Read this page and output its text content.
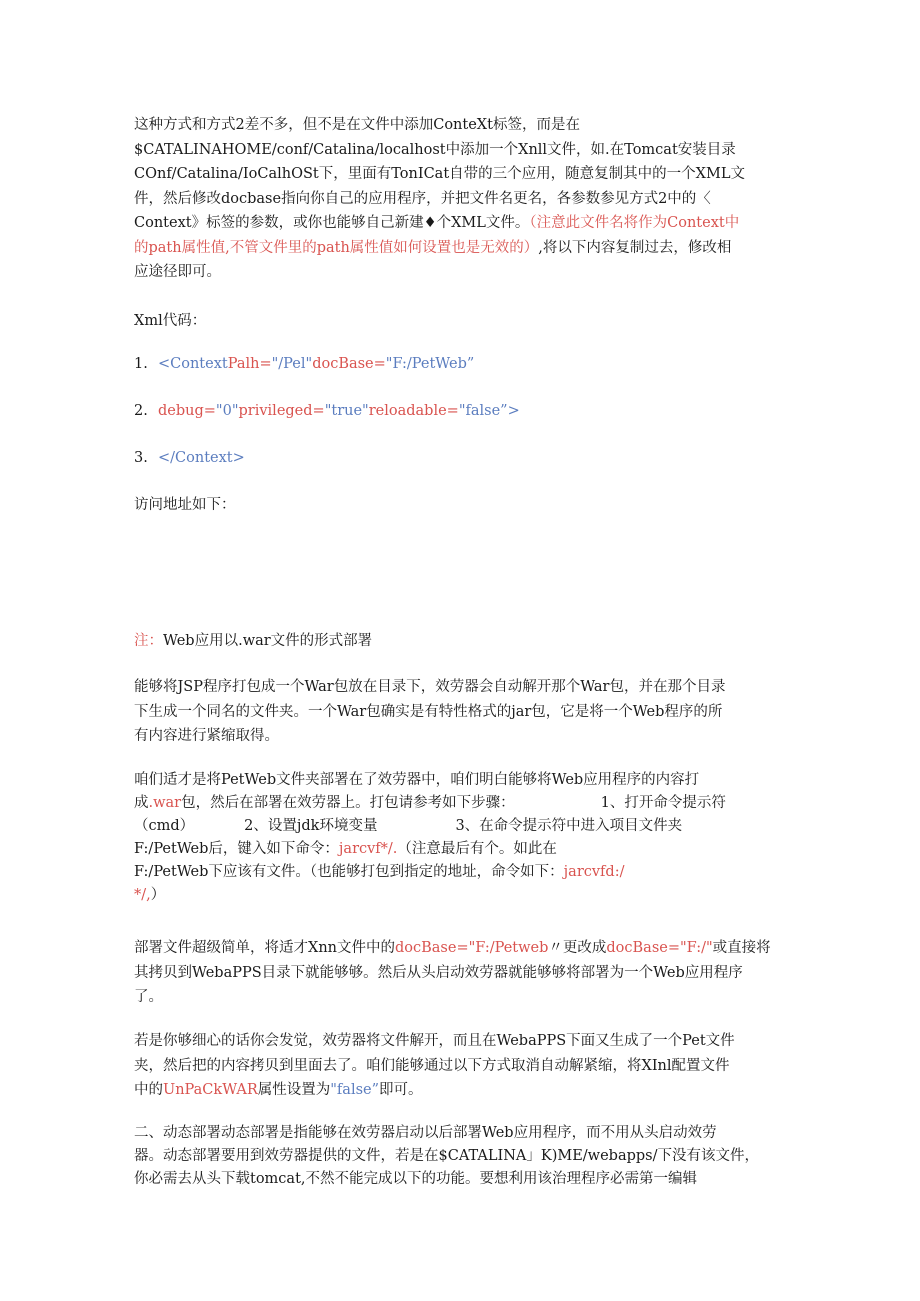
这种方式和方式2差不多，但不是在文件中添加ConteXt标签，而是在
$CATALINAHOME/conf/Catalina/localhost中添加一个Xnll文件，如.在Tomcat安装目录
COnf/Catalina/IoCalhOSt下，里面有TonICat自带的三个应用，随意复制其中的一个XML文
件，然后修改docbase指向你自己的应用程序，并把文件名更名，各参数参见方式2中的〈
Context》标签的参数，或你也能够自己新建♦个XML文件。（注意此文件名将作为Context中
的path属性值,不管文件里的path属性值如何设置也是无效的）,将以下内容复制过去，修改相
应途径即可。
Xml代码：
1. <ContextPalh="/Pel"docBase="F:/PetWeb”
2. debug="0"privileged="true"reloadable="false”>
3. </Context>
访问地址如下：
注：Web应用以.war文件的形式部署
能够将JSP程序打包成一个War包放在目录下，效劳器会自动解开那个War包，并在那个目录
下生成一个同名的文件夹。一个War包确实是有特性格式的jar包，它是将一个Web程序的所
有内容进行紧缩取得。
咱们适才是将PetWeb文件夹部署在了效劳器中，咱们明白能够将Web应用程序的内容打
成.war包，然后在部署在效劳器上。打包请参考如下步骤：	1、打开命令提示符
（cmd）	2、设置jdk环境变量	3、在命令提示符中进入项目文件夹
F:/PetWeb后，键入如下命令：jarcvf*/.（注意最后有个。如此在
F:/PetWeb下应该有文件。（也能够打包到指定的地址，命令如下：jarcvfd:/
*/,）
部署文件超级简单，将适才Xnn文件中的docBase="F:/Petweb〃更改成docBase="F:/"或直接将
其拷贝到WebaPPS目录下就能够够。然后从头启动效劳器就能够够将部署为一个Web应用程序
了。
若是你够细心的话你会发觉，效劳器将文件解开，而且在WebaPPS下面又生成了一个Pet文件
夹，然后把的内容拷贝到里面去了。咱们能够通过以下方式取消自动解紧缩，将XInl配置文件
中的UnPaCkWAR属性设置为"false”即可。
二、动态部署动态部署是指能够在效劳器启动以后部署Web应用程序，而不用从头启动效劳
器。动态部署要用到效劳器提供的文件，若是在$CATALINA」K)ME/webapps/下没有该文件，
你必需去从头下载tomcat,不然不能完成以下的功能。要想利用该治理程序必需第一编辑
